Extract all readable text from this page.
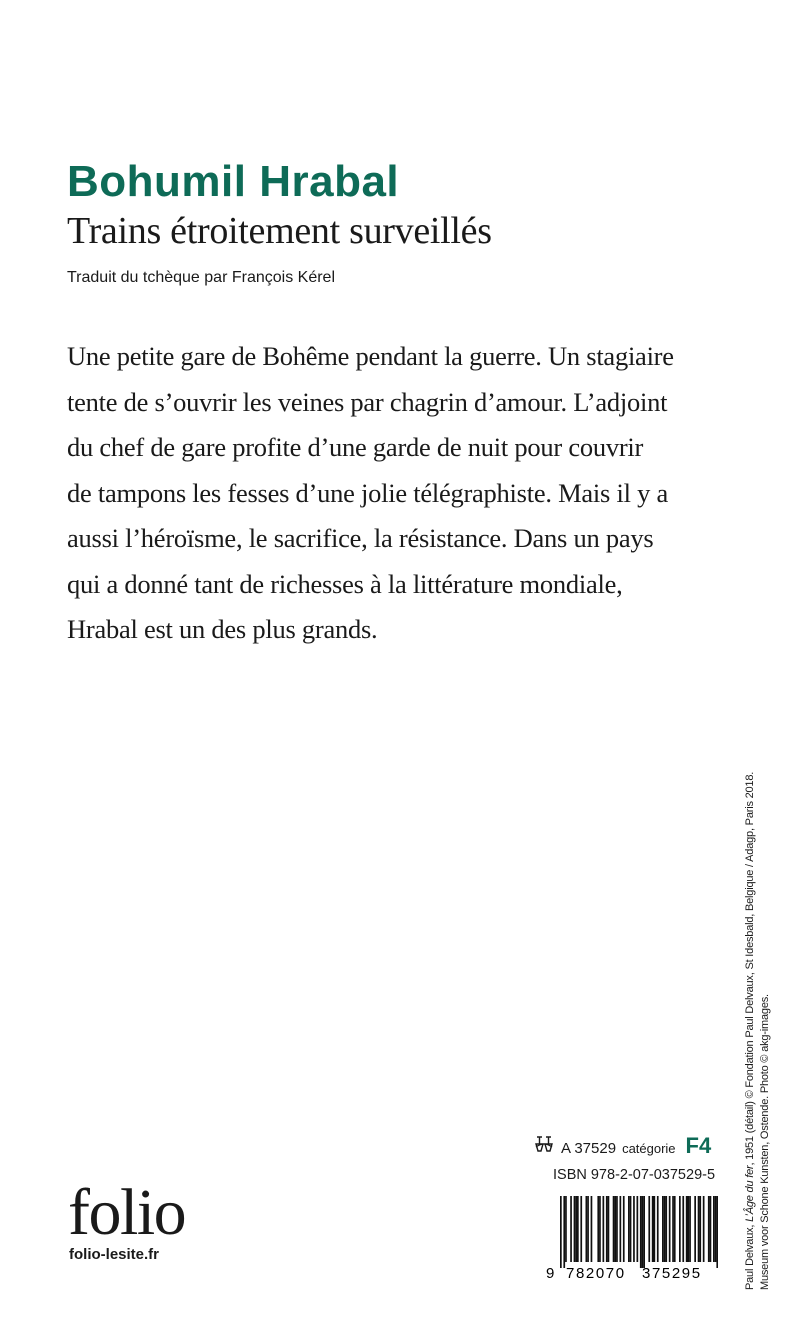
Bohumil Hrabal
Trains étroitement surveillés
Traduit du tchèque par François Kérel
Une petite gare de Bohême pendant la guerre. Un stagiaire
tente de s’ouvrir les veines par chagrin d’amour. L’adjoint
du chef de gare profite d’une garde de nuit pour couvrir
de tampons les fesses d’une jolie télégraphiste. Mais il y a
aussi l’héroïsme, le sacrifice, la résistance. Dans un pays
qui a donné tant de richesses à la littérature mondiale,
Hrabal est un des plus grands.
Paul Delvaux, L’Âge du fer, 1951 (détail) © Fondation Paul Delvaux, St Idesbald, Belgique / Adagp, Paris 2018. Museum voor Schone Kunsten, Ostende. Photo © akg-images.
A 37529 catégorie F4
ISBN 978-2-07-037529-5
9 782070 375295
folio
folio-lesite.fr
